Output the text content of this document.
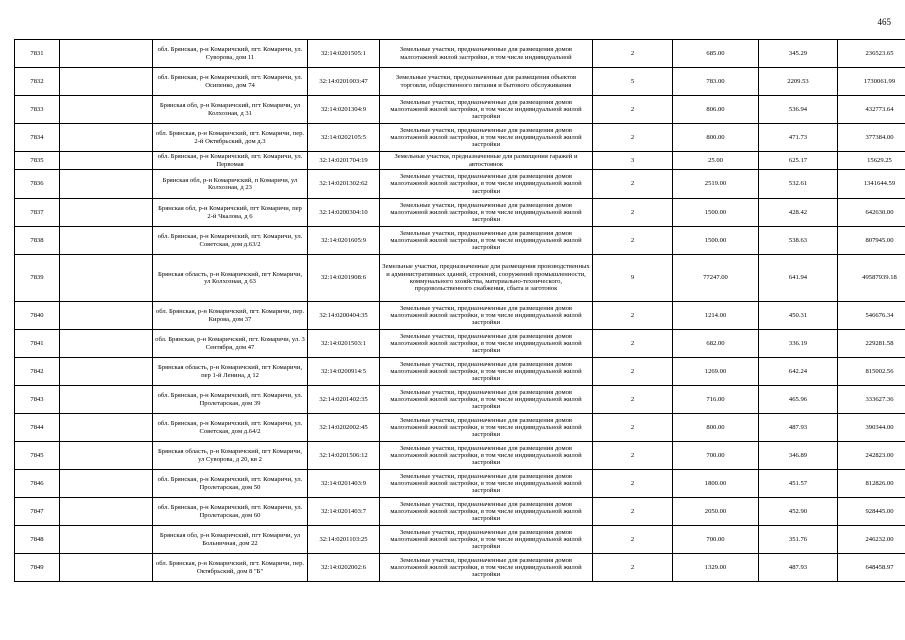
465
7831		обл. Брянская, р-н Комаричский, пгт. Комаричи, ул. Суворова, дом 11	32:14:0201505:1	Земельные участки, предназначенные для размещения домов малоэтажной жилой застройки, в том числе индивидуальной	2	685.00	345.29	236523.65
7832		обл. Брянская, р-н Комаричский, пгт. Комаричи, ул. Осипенко, дом 74	32:14:0201003:47	Земельные участки, предназначенные для размещения объектов торговли, общественного питания и бытового обслуживания	5	783.00	2209.53	1730061.99
7833		Брянская обл, р-н Комаричский, пгт Комаричи, ул Колхозная, д 31	32:14:0201304:9	Земельные участки, предназначенные для размещения домов малоэтажной жилой застройки, в том числе индивидуальной жилой застройки	2	806.00	536.94	432773.64
7834		обл. Брянская, р-н Комаричский, пгт. Комаричи, пер. 2-й Октябрьский, дом д.3	32:14:0202105:5	Земельные участки, предназначенные для размещения домов малоэтажной жилой застройки, в том числе индивидуальной жилой застройки	2	800.00	471.73	377384.00
7835		обл. Брянская, р-н Комаричский, пгт. Комаричи, ул. Первомая	32:14:0201704:19	Земельные участки, предназначенные для размещения гаражей и автостоянок	3	25.00	625.17	15629.25
7836		Брянская обл, р-н Комаричский, п Комаричи, ул Колхозная, д 23	32:14:0201302:62	Земельные участки, предназначенные для размещения домов малоэтажной жилой застройки, в том числе индивидуальной жилой застройки	2	2519.00	532.61	1341644.59
7837		Брянская обл, р-н Комаричский, пгт Комаричи, пер 2-й Чкалова, д 6	32:14:0200304:10	Земельные участки, предназначенные для размещения домов малоэтажной жилой застройки, в том числе индивидуальной жилой застройки	2	1500.00	428.42	642630.00
7838		обл. Брянская, р-н Комаричский, пгт. Комаричи, ул. Советская, дом д.63/2	32:14:0201605:9	Земельные участки, предназначенные для размещения домов малоэтажной жилой застройки, в том числе индивидуальной жилой застройки	2	1500.00	538.63	807945.00
7839		Брянская область, р-н Комаричский, пгт Комаричи, ул Колхозная, д 63	32:14:0201908:6	Земельные участки, предназначенные для размещения производственных и административных зданий, строений, сооружений промышленности, коммунального хозяйства, материально-технического, продовольственного снабжения, сбыта и заготовок	9	77247.00	641.94	49587939.18
7840		обл. Брянская, р-н Комаричский, пгт. Комаричи, пер. Кирова, дом 37	32:14:0200404:35	Земельные участки, предназначенные для размещения домов малоэтажной жилой застройки, в том числе индивидуальной жилой застройки	2	1214.00	450.31	546676.34
7841		обл. Брянская, р-н Комаричский, пгт. Комаричи, ул. 3 Сентября, дом 47	32:14:0201503:1	Земельные участки, предназначенные для размещения домов малоэтажной жилой застройки, в том числе индивидуальной жилой застройки	2	682.00	336.19	229281.58
7842		Брянская область, р-н Комаричский, пгт Комаричи, пер 1-й Ленина, д 12	32:14:0200914:5	Земельные участки, предназначенные для размещения домов малоэтажной жилой застройки, в том числе индивидуальной жилой застройки	2	1269.00	642.24	815002.56
7843		обл. Брянская, р-н Комаричский, пгт. Комаричи, ул. Пролетарская, дом 39	32:14:0201402:35	Земельные участки, предназначенные для размещения домов малоэтажной жилой застройки, в том числе индивидуальной жилой застройки	2	716.00	465.96	333627.36
7844		обл. Брянская, р-н Комаричский, пгт. Комаричи, ул. Советская, дом д.64/2	32:14:0202002:45	Земельные участки, предназначенные для размещения домов малоэтажной жилой застройки, в том числе индивидуальной жилой застройки	2	800.00	487.93	390344.00
7845		Брянская область, р-н Комаричский, пгт Комаричи, ул Суворова, д 20, кв 2	32:14:0201506:12	Земельные участки, предназначенные для размещения домов малоэтажной жилой застройки, в том числе индивидуальной жилой застройки	2	700.00	346.89	242823.00
7846		обл. Брянская, р-н Комаричский, пгт. Комаричи, ул. Пролетарская, дом 50	32:14:0201403:9	Земельные участки, предназначенные для размещения домов малоэтажной жилой застройки, в том числе индивидуальной жилой застройки	2	1800.00	451.57	812826.00
7847		обл. Брянская, р-н Комаричский, пгт. Комаричи, ул. Пролетарская, дом 60	32:14:0201403:7	Земельные участки, предназначенные для размещения домов малоэтажной жилой застройки, в том числе индивидуальной жилой застройки	2	2050.00	452.90	928445.00
7848		Брянская обл, р-н Комаричский, пгт Комаричи, ул Больничная, дом 22	32:14:0201103:25	Земельные участки, предназначенные для размещения домов малоэтажной жилой застройки, в том числе индивидуальной жилой застройки	2	700.00	351.76	246232.00
7849		обл. Брянская, р-н Комаричский, пгт. Комаричи, пер. Октябрьский, дом 8 "Б"	32:14:0202002:6	Земельные участки, предназначенные для размещения домов малоэтажной жилой застройки, в том числе индивидуальной жилой застройки	2	1329.00	487.93	648458.97
